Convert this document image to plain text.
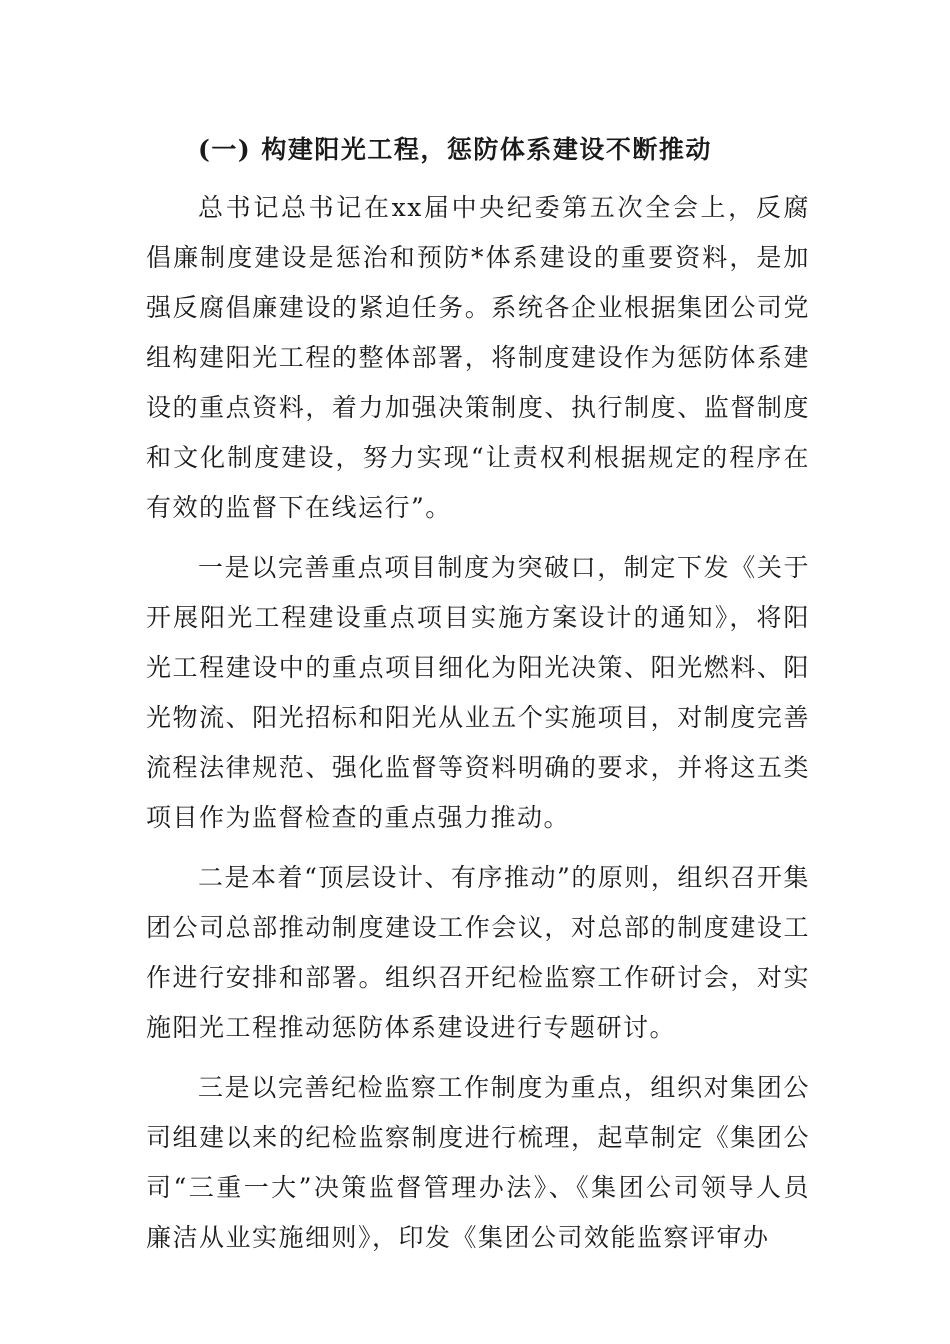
(一) 构建阳光工程，惩防体系建设不断推动

总书记总书记在xx届中央纪委第五次全会上，反腐倡廉制度建设是惩治和预防*体系建设的重要资料，是加强反腐倡廉建设的紧迫任务。系统各企业根据集团公司党组构建阳光工程的整体部署，将制度建设作为惩防体系建设的重点资料，着力加强决策制度、执行制度、监督制度和文化制度建设，努力实现“让责权利根据规定的程序在有效的监督下在线运行”。

一是以完善重点项目制度为突破口，制定下发《关于开展阳光工程建设重点项目实施方案设计的通知》，将阳光工程建设中的重点项目细化为阳光决策、阳光燃料、阳光物流、阳光招标和阳光从业五个实施项目，对制度完善流程法律规范、强化监督等资料明确的要求，并将这五类项目作为监督检查的重点强力推动。

二是本着“顶层设计、有序推动”的原则，组织召开集团公司总部推动制度建设工作会议，对总部的制度建设工作进行安排和部署。组织召开纪检监察工作研讨会，对实施阳光工程推动惩防体系建设进行专题研讨。

三是以完善纪检监察工作制度为重点，组织对集团公司组建以来的纪检监察制度进行梳理，起草制定《集团公司“三重一大”决策监督管理办法》、《集团公司领导人员廉洁从业实施细则》，印发《集团公司效能监察评审办
